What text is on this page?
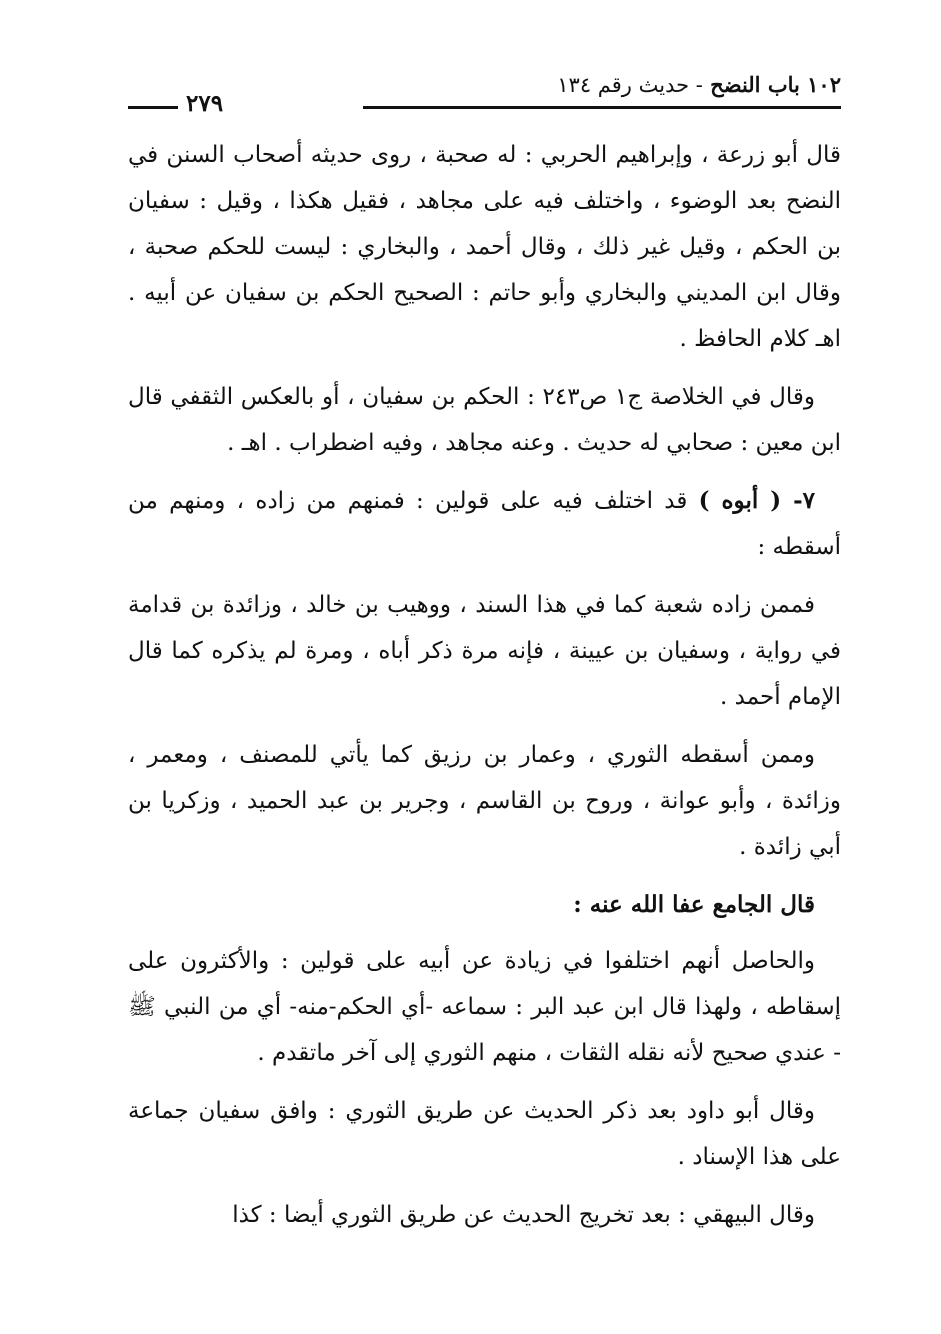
١٠٢ باب النضح - حديث رقم ١٣٤
٢٧٩

قال أبو زرعة ، وإبراهيم الحربي : له صحبة ، روى حديثه أصحاب السنن في النضح بعد الوضوء ، واختلف فيه على مجاهد ، فقيل هكذا ، وقيل : سفيان بن الحكم ، وقيل غير ذلك ، وقال أحمد ، والبخاري : ليست للحكم صحبة ، وقال ابن المديني والبخاري وأبو حاتم : الصحيح الحكم بن سفيان عن أبيه . اهـ كلام الحافظ .

وقال في الخلاصة ج١ ص٢٤٣ : الحكم بن سفيان ، أو بالعكس الثقفي قال ابن معين : صحابي له حديث . وعنه مجاهد ، وفيه اضطراب . اهـ .

٧- ( أبوه ) قد اختلف فيه على قولين : فمنهم من زاده ، ومنهم من أسقطه :

فممن زاده شعبة كما في هذا السند ، ووهيب بن خالد ، وزائدة بن قدامة في رواية ، وسفيان بن عيينة ، فإنه مرة ذكر أباه ، ومرة لم يذكره كما قال الإمام أحمد .

وممن أسقطه الثوري ، وعمار بن رزيق كما يأتي للمصنف ، ومعمر ، وزائدة ، وأبو عوانة ، وروح بن القاسم ، وجرير بن عبد الحميد ، وزكريا بن أبي زائدة .

قال الجامع عفا الله عنه :

والحاصل أنهم اختلفوا في زيادة عن أبيه على قولين : والأكثرون على إسقاطه ، ولهذا قال ابن عبد البر : سماعه -أي الحكم-منه- أي من النبي ﷺ - عندي صحيح لأنه نقله الثقات ، منهم الثوري إلى آخر ماتقدم .

وقال أبو داود بعد ذكر الحديث عن طريق الثوري : وافق سفيان جماعة على هذا الإسناد .

وقال البيهقي : بعد تخريج الحديث عن طريق الثوري أيضا : كذا
